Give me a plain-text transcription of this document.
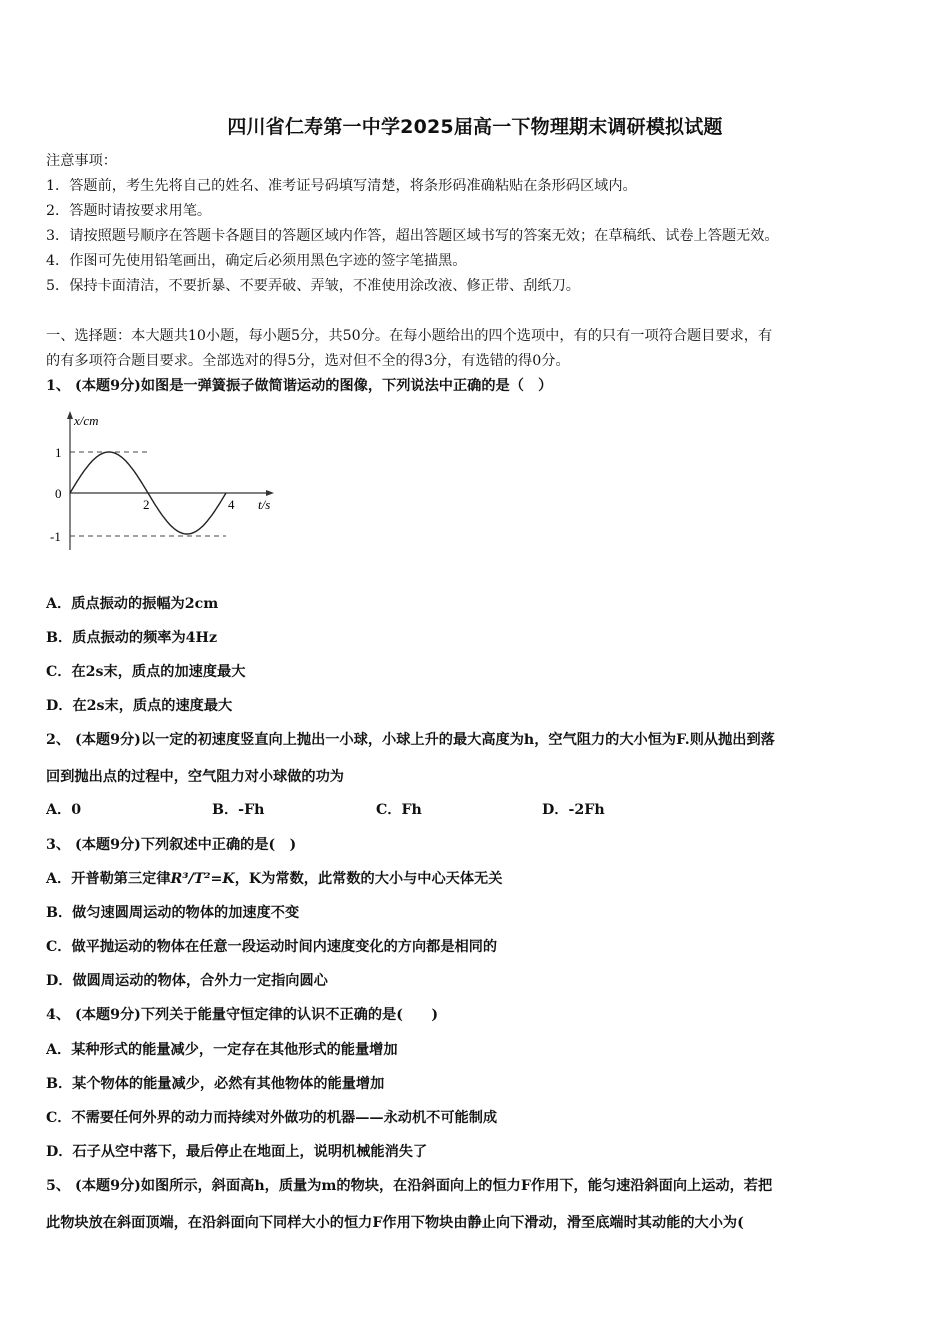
四川省仁寿第一中学2025届高一下物理期末调研模拟试题
注意事项：
1．答题前，考生先将自己的姓名、准考证号码填写清楚，将条形码准确粘贴在条形码区域内。
2．答题时请按要求用笔。
3．请按照题号顺序在答题卡各题目的答题区域内作答，超出答题区域书写的答案无效；在草稿纸、试卷上答题无效。
4．作图可先使用铅笔画出，确定后必须用黑色字迹的签字笔描黑。
5．保持卡面清洁，不要折暴、不要弄破、弄皱，不准使用涂改液、修正带、刮纸刀。
一、选择题：本大题共10小题，每小题5分，共50分。在每小题给出的四个选项中，有的只有一项符合题目要求，有
的有多项符合题目要求。全部选对的得5分，选对但不全的得3分，有选错的得0分。
1、 (本题9分)如图是一弹簧振子做简谐运动的图像，下列说法中正确的是（　）
x/cm
t/s
1
0
-1
2	4
A．质点振动的振幅为2cm
B．质点振动的频率为4Hz
C．在2s末，质点的加速度最大
D．在2s末，质点的速度最大
2、 (本题9分)以一定的初速度竖直向上抛出一小球，小球上升的最大高度为h，空气阻力的大小恒为F.则从抛出到落
回到抛出点的过程中，空气阻力对小球做的功为
A．0	B．-Fh	C．Fh	D．-2Fh
3、 (本题9分)下列叙述中正确的是(　)
A．开普勒第三定律R³/T²=K，K为常数，此常数的大小与中心天体无关
B．做匀速圆周运动的物体的加速度不变
C．做平抛运动的物体在任意一段运动时间内速度变化的方向都是相同的
D．做圆周运动的物体，合外力一定指向圆心
4、 (本题9分)下列关于能量守恒定律的认识不正确的是(　　)
A．某种形式的能量减少，一定存在其他形式的能量增加
B．某个物体的能量减少，必然有其他物体的能量增加
C．不需要任何外界的动力而持续对外做功的机器——永动机不可能制成
D．石子从空中落下，最后停止在地面上，说明机械能消失了
5、 (本题9分)如图所示，斜面高h，质量为m的物块，在沿斜面向上的恒力F作用下，能匀速沿斜面向上运动，若把
此物块放在斜面顶端，在沿斜面向下同样大小的恒力F作用下物块由静止向下滑动，滑至底端时其动能的大小为(
